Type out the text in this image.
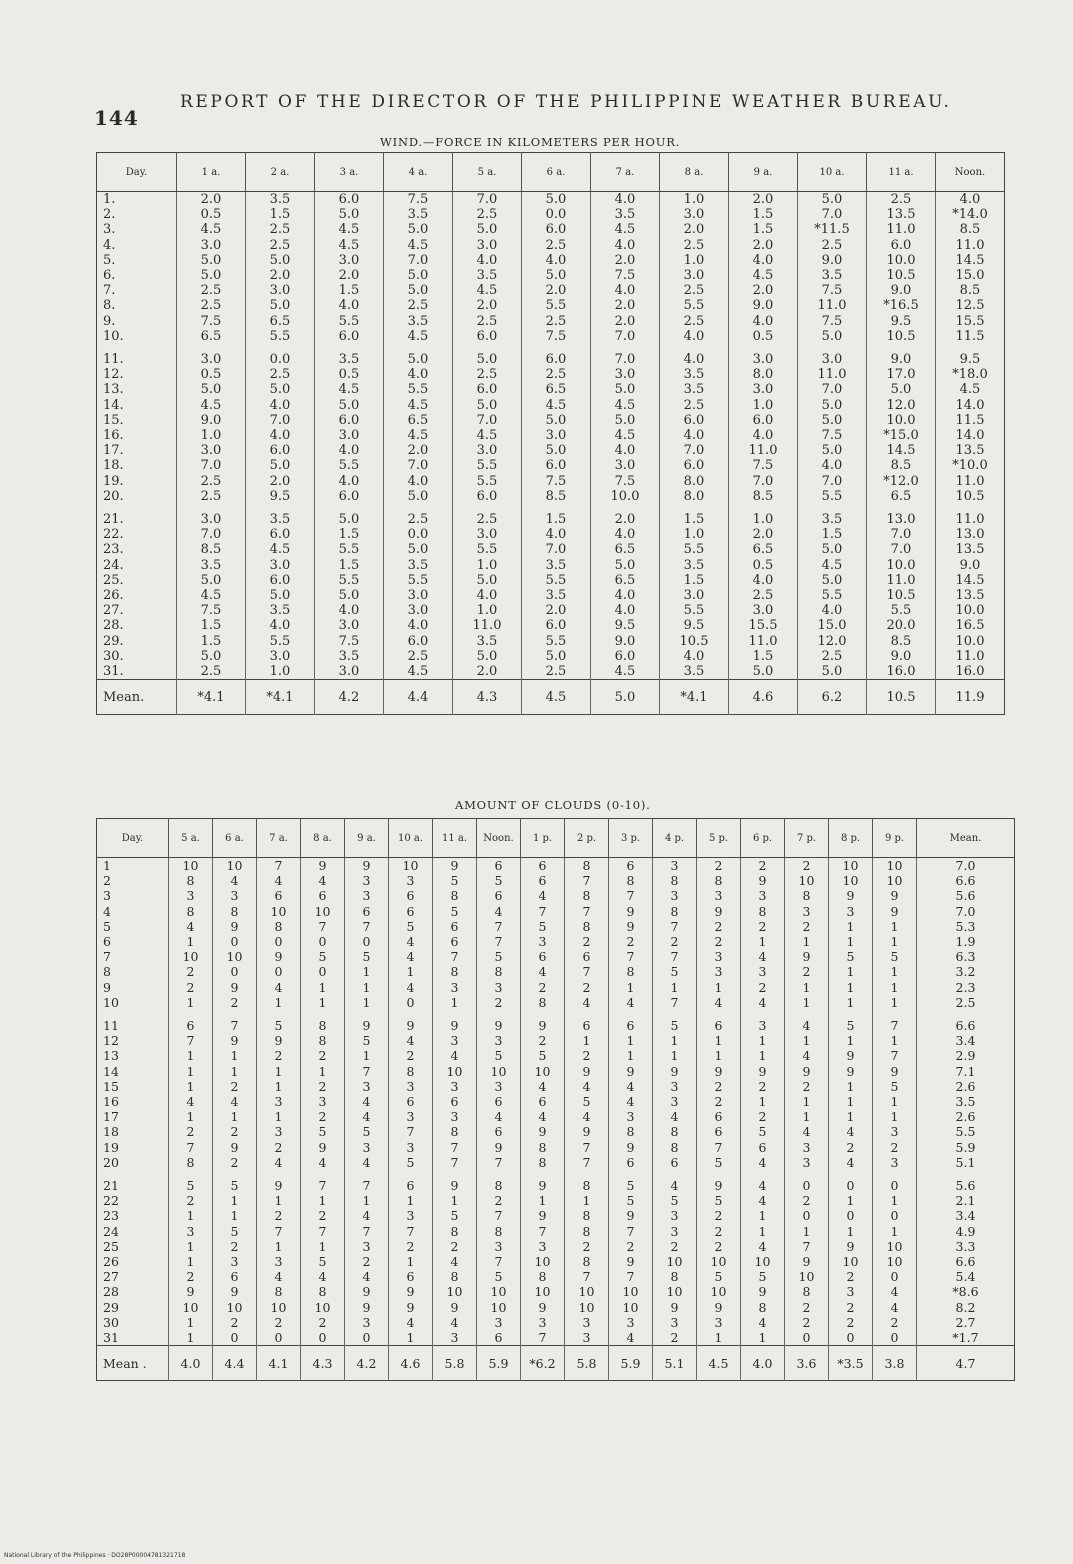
144
REPORT OF THE DIRECTOR OF THE PHILIPPINE WEATHER BUREAU.
WIND.—FORCE IN KILOMETERS PER HOUR.
Day.	1 a.	2 a.	3 a.	4 a.	5 a.	6 a.	7 a.	8 a.	9 a.	10 a.	11 a.	Noon.
1.	2.0	3.5	6.0	7.5	7.0	5.0	4.0	1.0	2.0	5.0	2.5	4.0
2.	0.5	1.5	5.0	3.5	2.5	0.0	3.5	3.0	1.5	7.0	13.5	*14.0
3.	4.5	2.5	4.5	5.0	5.0	6.0	4.5	2.0	1.5	*11.5	11.0	8.5
4.	3.0	2.5	4.5	4.5	3.0	2.5	4.0	2.5	2.0	2.5	6.0	11.0
5.	5.0	5.0	3.0	7.0	4.0	4.0	2.0	1.0	4.0	9.0	10.0	14.5
6.	5.0	2.0	2.0	5.0	3.5	5.0	7.5	3.0	4.5	3.5	10.5	15.0
7.	2.5	3.0	1.5	5.0	4.5	2.0	4.0	2.5	2.0	7.5	9.0	8.5
8.	2.5	5.0	4.0	2.5	2.0	5.5	2.0	5.5	9.0	11.0	*16.5	12.5
9.	7.5	6.5	5.5	3.5	2.5	2.5	2.0	2.5	4.0	7.5	9.5	15.5
10.	6.5	5.5	6.0	4.5	6.0	7.5	7.0	4.0	0.5	5.0	10.5	11.5
11.	3.0	0.0	3.5	5.0	5.0	6.0	7.0	4.0	3.0	3.0	9.0	9.5
12.	0.5	2.5	0.5	4.0	2.5	2.5	3.0	3.5	8.0	11.0	17.0	*18.0
13.	5.0	5.0	4.5	5.5	6.0	6.5	5.0	3.5	3.0	7.0	5.0	4.5
14.	4.5	4.0	5.0	4.5	5.0	4.5	4.5	2.5	1.0	5.0	12.0	14.0
15.	9.0	7.0	6.0	6.5	7.0	5.0	5.0	6.0	6.0	5.0	10.0	11.5
16.	1.0	4.0	3.0	4.5	4.5	3.0	4.5	4.0	4.0	7.5	*15.0	14.0
17.	3.0	6.0	4.0	2.0	3.0	5.0	4.0	7.0	11.0	5.0	14.5	13.5
18.	7.0	5.0	5.5	7.0	5.5	6.0	3.0	6.0	7.5	4.0	8.5	*10.0
19.	2.5	2.0	4.0	4.0	5.5	7.5	7.5	8.0	7.0	7.0	*12.0	11.0
20.	2.5	9.5	6.0	5.0	6.0	8.5	10.0	8.0	8.5	5.5	6.5	10.5
21.	3.0	3.5	5.0	2.5	2.5	1.5	2.0	1.5	1.0	3.5	13.0	11.0
22.	7.0	6.0	1.5	0.0	3.0	4.0	4.0	1.0	2.0	1.5	7.0	13.0
23.	8.5	4.5	5.5	5.0	5.5	7.0	6.5	5.5	6.5	5.0	7.0	13.5
24.	3.5	3.0	1.5	3.5	1.0	3.5	5.0	3.5	0.5	4.5	10.0	9.0
25.	5.0	6.0	5.5	5.5	5.0	5.5	6.5	1.5	4.0	5.0	11.0	14.5
26.	4.5	5.0	5.0	3.0	4.0	3.5	4.0	3.0	2.5	5.5	10.5	13.5
27.	7.5	3.5	4.0	3.0	1.0	2.0	4.0	5.5	3.0	4.0	5.5	10.0
28.	1.5	4.0	3.0	4.0	11.0	6.0	9.5	9.5	15.5	15.0	20.0	16.5
29.	1.5	5.5	7.5	6.0	3.5	5.5	9.0	10.5	11.0	12.0	8.5	10.0
30.	5.0	3.0	3.5	2.5	5.0	5.0	6.0	4.0	1.5	2.5	9.0	11.0
31.	2.5	1.0	3.0	4.5	2.0	2.5	4.5	3.5	5.0	5.0	16.0	16.0
Mean.	*4.1	*4.1	4.2	4.4	4.3	4.5	5.0	*4.1	4.6	6.2	10.5	11.9
AMOUNT OF CLOUDS (0-10).
Day.	5 a.	6 a.	7 a.	8 a.	9 a.	10 a.	11 a.	Noon.	1 p.	2 p.	3 p.	4 p.	5 p.	6 p.	7 p.	8 p.	9 p.	Mean.
1	10	10	7	9	9	10	9	6	6	8	6	3	2	2	2	10	10	7.0
2	8	4	4	4	3	3	5	5	6	7	8	8	8	9	10	10	10	6.6
3	3	3	6	6	3	6	8	6	4	8	7	3	3	3	8	9	9	5.6
4	8	8	10	10	6	6	5	4	7	7	9	8	9	8	3	3	9	7.0
5	4	9	8	7	7	5	6	7	5	8	9	7	2	2	2	1	1	5.3
6	1	0	0	0	0	4	6	7	3	2	2	2	2	1	1	1	1	1.9
7	10	10	9	5	5	4	7	5	6	6	7	7	3	4	9	5	5	6.3
8	2	0	0	0	1	1	8	8	4	7	8	5	3	3	2	1	1	3.2
9	2	9	4	1	1	4	3	3	2	2	1	1	1	2	1	1	1	2.3
10	1	2	1	1	1	0	1	2	8	4	4	7	4	4	1	1	1	2.5
11	6	7	5	8	9	9	9	9	9	6	6	5	6	3	4	5	7	6.6
12	7	9	9	8	5	4	3	3	2	1	1	1	1	1	1	1	1	3.4
13	1	1	2	2	1	2	4	5	5	2	1	1	1	1	4	9	7	2.9
14	1	1	1	1	7	8	10	10	10	9	9	9	9	9	9	9	9	7.1
15	1	2	1	2	3	3	3	3	4	4	4	3	2	2	2	1	5	2.6
16	4	4	3	3	4	6	6	6	6	5	4	3	2	1	1	1	1	3.5
17	1	1	1	2	4	3	3	4	4	4	3	4	6	2	1	1	1	2.6
18	2	2	3	5	5	7	8	6	9	9	8	8	6	5	4	4	3	5.5
19	7	9	2	9	3	3	7	9	8	7	9	8	7	6	3	2	2	5.9
20	8	2	4	4	4	5	7	7	8	7	6	6	5	4	3	4	3	5.1
21	5	5	9	7	7	6	9	8	9	8	5	4	9	4	0	0	0	5.6
22	2	1	1	1	1	1	1	2	1	1	5	5	5	4	2	1	1	2.1
23	1	1	2	2	4	3	5	7	9	8	9	3	2	1	0	0	0	3.4
24	3	5	7	7	7	7	8	8	7	8	7	3	2	1	1	1	1	4.9
25	1	2	1	1	3	2	2	3	3	2	2	2	2	4	7	9	10	3.3
26	1	3	3	5	2	1	4	7	10	8	9	10	10	10	9	10	10	6.6
27	2	6	4	4	4	6	8	5	8	7	7	8	5	5	10	2	0	5.4
28	9	9	8	8	9	9	10	10	10	10	10	10	10	9	8	3	4	*8.6
29	10	10	10	10	9	9	9	10	9	10	10	9	9	8	2	2	4	8.2
30	1	2	2	2	3	4	4	3	3	3	3	3	3	4	2	2	2	2.7
31	1	0	0	0	0	1	3	6	7	3	4	2	1	1	0	0	0	*1.7
Mean .	4.0	4.4	4.1	4.3	4.2	4.6	5.8	5.9	*6.2	5.8	5.9	5.1	4.5	4.0	3.6	*3.5	3.8	4.7
National Library of the Philippines · DO28P00004781321718
